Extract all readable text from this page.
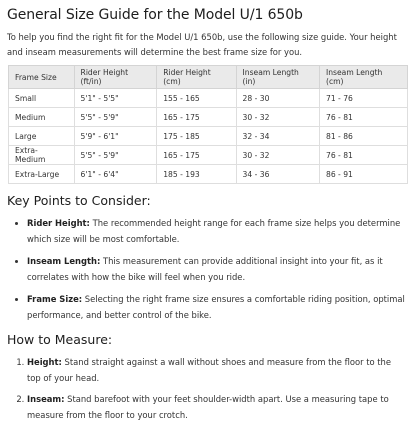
General Size Guide for the Model U/1 650b

To help you find the right fit for the Model U/1 650b, use the following size guide. Your height and inseam measurements will determine the best frame size for you.

Frame Size	Rider Height (ft/in)	Rider Height (cm)	Inseam Length (in)	Inseam Length (cm)
Small	5'1" - 5'5"	155 - 165	28 - 30	71 - 76
Medium	5'5" - 5'9"	165 - 175	30 - 32	76 - 81
Large	5'9" - 6'1"	175 - 185	32 - 34	81 - 86
Extra-Medium	5'5" - 5'9"	165 - 175	30 - 32	76 - 81
Extra-Large	6'1" - 6'4"	185 - 193	34 - 36	86 - 91
Key Points to Consider:
• Rider Height: The recommended height range for each frame size helps you determine which size will be most comfortable.
• Inseam Length: This measurement can provide additional insight into your fit, as it correlates with how the bike will feel when you ride.
• Frame Size: Selecting the right frame size ensures a comfortable riding position, optimal performance, and better control of the bike.
How to Measure:
1. Height: Stand straight against a wall without shoes and measure from the floor to the top of your head.
2. Inseam: Stand barefoot with your feet shoulder-width apart. Use a measuring tape to measure from the floor to your crotch.
